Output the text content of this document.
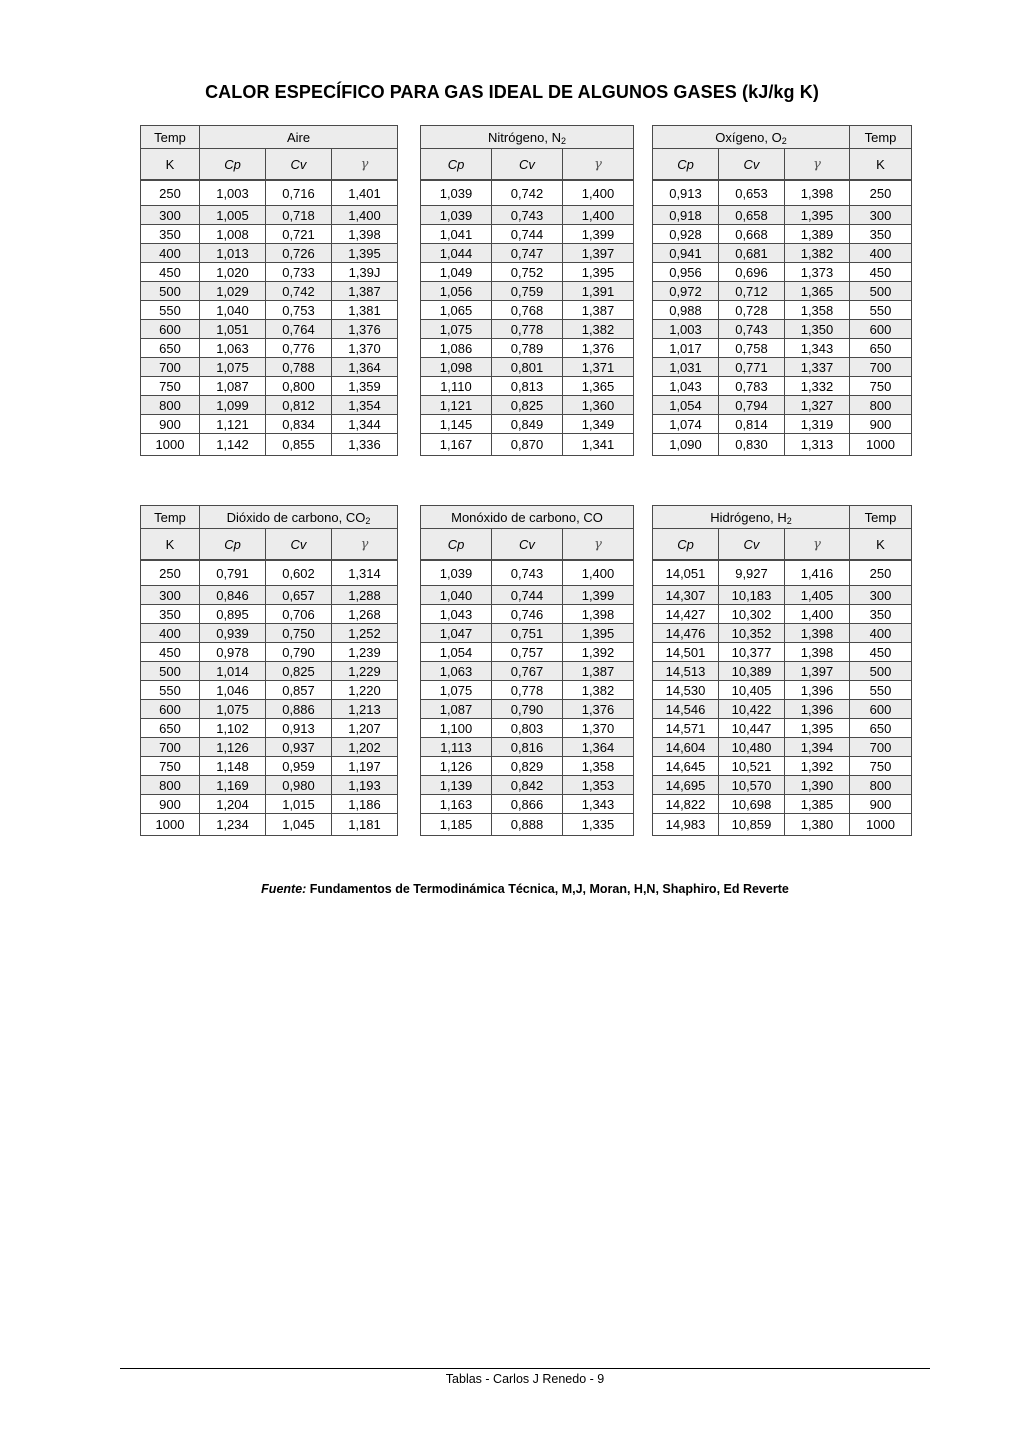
CALOR ESPECÍFICO PARA GAS IDEAL DE ALGUNOS GASES (kJ/kg K)
Temp	Aire		
K	Cp	Cv	γ
250	1,003	0,716	1,401
300	1,005	0,718	1,400
350	1,008	0,721	1,398
400	1,013	0,726	1,395
450	1,020	0,733	1,39J
500	1,029	0,742	1,387
550	1,040	0,753	1,381
600	1,051	0,764	1,376
650	1,063	0,776	1,370
700	1,075	0,788	1,364
750	1,087	0,800	1,359
800	1,099	0,812	1,354
900	1,121	0,834	1,344
1000	1,142	0,855	1,336
Nitrógeno, $N_2$
Cp	Cv	γ
1,039	0,742	1,400
1,039	0,743	1,400
1,041	0,744	1,399
1,044	0,747	1,397
1,049	0,752	1,395
1,056	0,759	1,391
1,065	0,768	1,387
1,075	0,778	1,382
1,086	0,789	1,376
1,098	0,801	1,371
1,110	0,813	1,365
1,121	0,825	1,360
1,145	0,849	1,349
1,167	0,870	1,341
Oxígeno, $O_2$			Temp
Cp	Cv	γ	K
0,913	0,653	1,398	250
0,918	0,658	1,395	300
0,928	0,668	1,389	350
0,941	0,681	1,382	400
0,956	0,696	1,373	450
0,972	0,712	1,365	500
0,988	0,728	1,358	550
1,003	0,743	1,350	600
1,017	0,758	1,343	650
1,031	0,771	1,337	700
1,043	0,783	1,332	750
1,054	0,794	1,327	800
1,074	0,814	1,319	900
1,090	0,830	1,313	1000
Temp	Dióxido de carbono, $CO_2$
K	Cp	Cv	γ
250	0,791	0,602	1,314
300	0,846	0,657	1,288
350	0,895	0,706	1,268
400	0,939	0,750	1,252
450	0,978	0,790	1,239
500	1,014	0,825	1,229
550	1,046	0,857	1,220
600	1,075	0,886	1,213
650	1,102	0,913	1,207
700	1,126	0,937	1,202
750	1,148	0,959	1,197
800	1,169	0,980	1,193
900	1,204	1,015	1,186
1000	1,234	1,045	1,181
Monóxido de carbono, CO		
Cp	Cv	γ
1,039	0,743	1,400
1,040	0,744	1,399
1,043	0,746	1,398
1,047	0,751	1,395
1,054	0,757	1,392
1,063	0,767	1,387
1,075	0,778	1,382
1,087	0,790	1,376
1,100	0,803	1,370
1,113	0,816	1,364
1,126	0,829	1,358
1,139	0,842	1,353
1,163	0,866	1,343
1,185	0,888	1,335
Hidrógeno, $H_2$			Temp
Cp	Cv	γ	K
14,051	9,927	1,416	250
14,307	10,183	1,405	300
14,427	10,302	1,400	350
14,476	10,352	1,398	400
14,501	10,377	1,398	450
14,513	10,389	1,397	500
14,530	10,405	1,396	550
14,546	10,422	1,396	600
14,571	10,447	1,395	650
14,604	10,480	1,394	700
14,645	10,521	1,392	750
14,695	10,570	1,390	800
14,822	10,698	1,385	900
14,983	10,859	1,380	1000
Fuente: Fundamentos de Termodinámica Técnica, M,J, Moran, H,N, Shaphiro, Ed Reverte
Tablas - Carlos J Renedo - 9
